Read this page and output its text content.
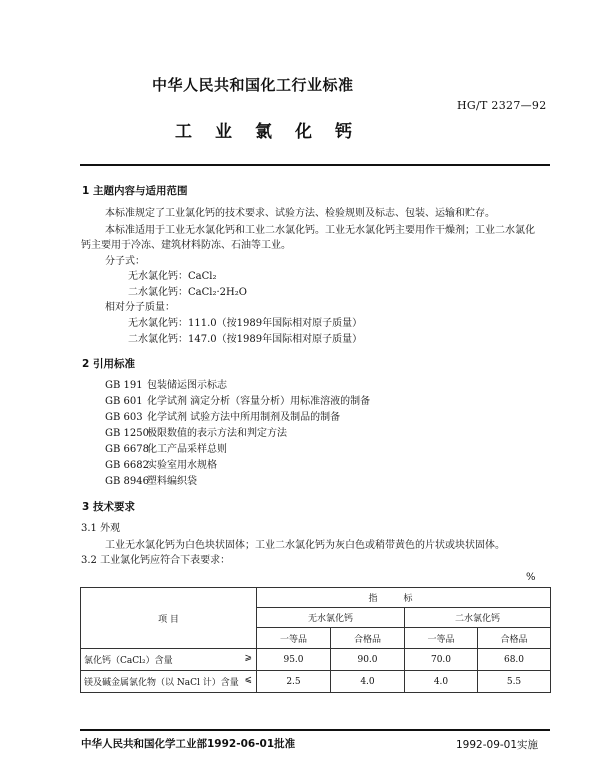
中华人民共和国化工行业标准
HG/T 2327—92
工业氯化钙
1 主题内容与适用范围
本标准规定了工业氯化钙的技术要求、试验方法、检验规则及标志、包装、运输和贮存。
本标准适用于工业无水氯化钙和工业二水氯化钙。工业无水氯化钙主要用作干燥剂；工业二水氯化
钙主要用于冷冻、建筑材料防冻、石油等工业。
分子式：
无水氯化钙：CaCl₂
二水氯化钙：CaCl₂·2H₂O
相对分子质量：
无水氯化钙：111.0（按1989年国际相对原子质量）
二水氯化钙：147.0（按1989年国际相对原子质量）
2 引用标准
GB 191 包装储运图示标志
GB 601 化学试剂 滴定分析（容量分析）用标准溶液的制备
GB 603 化学试剂 试验方法中所用制剂及制品的制备
GB 1250极限数值的表示方法和判定方法
GB 6678化工产品采样总则
GB 6682实验室用水规格
GB 8946塑料编织袋
3 技术要求
3.1 外观
工业无水氯化钙为白色块状固体；工业二水氯化钙为灰白色或稍带黄色的片状或块状固体。
3.2 工业氯化钙应符合下表要求：
%
项 目	指标			
	无水氯化钙		二水氯化钙	
	一等品	合格品	一等品	合格品
氯化钙（CaCl₂）含量 ⩾	95.0	90.0	70.0	68.0
镁及碱金属氯化物（以 NaCl 计）含量 ⩽	2.5	4.0	4.0	5.5
中华人民共和国化学工业部1992-06-01批准	1992-09-01实施
